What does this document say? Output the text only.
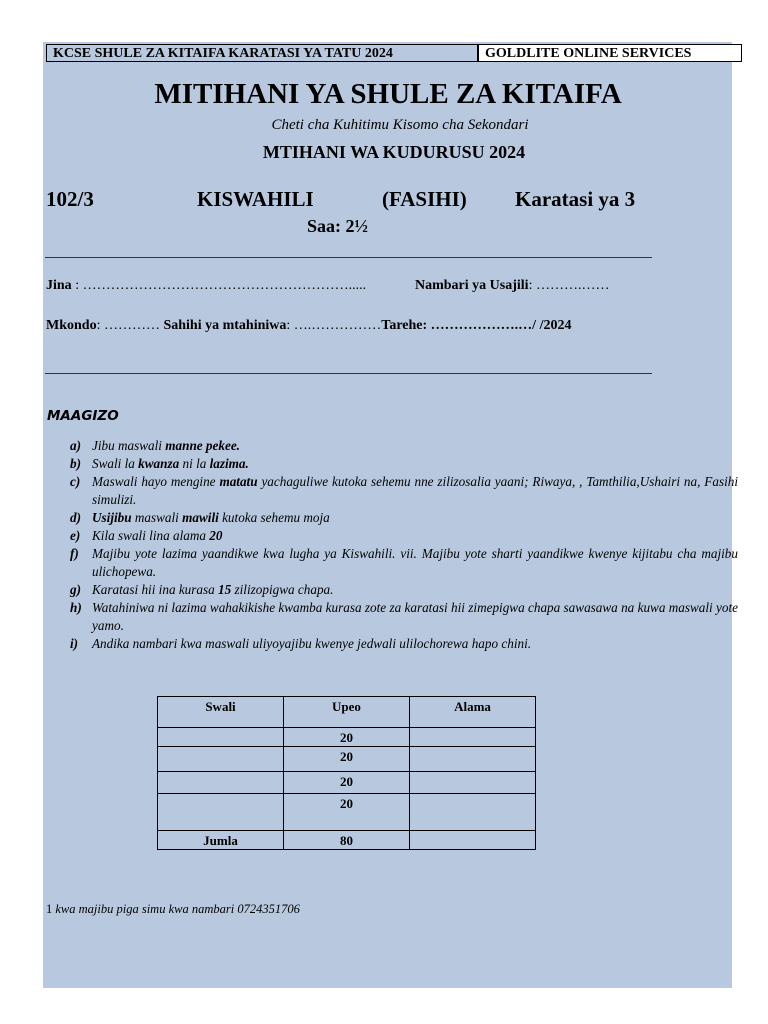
KCSE SHULE ZA KITAIFA KARATASI YA TATU 2024	GOLDLITE ONLINE SERVICES
MITIHANI YA SHULE ZA KITAIFA
Cheti cha Kuhitimu Kisomo cha Sekondari
MTIHANI WA KUDURUSU 2024
102/3	KISWAHILI	(FASIHI) Karatasi ya 3
Saa: 2½
Jina : ………………………………………………….....	Nambari ya Usajili: ……….……
Mkondo: ………… Sahihi ya mtahiniwa: ….……………Tarehe: ……………….…/ /2024
MAAGIZO
a) Jibu maswali manne pekee.
b) Swali la kwanza ni la lazima.
c) Maswali hayo mengine matatu yachaguliwe kutoka sehemu nne zilizosalia yaani; Riwaya, , Tamthilia,Ushairi na, Fasihi simulizi.
d) Usijibu maswali mawili kutoka sehemu moja
e) Kila swali lina alama 20
f) Majibu yote lazima yaandikwe kwa lugha ya Kiswahili. vii. Majibu yote sharti yaandikwe kwenye kijitabu cha majibu ulichopewa.
g) Karatasi hii ina kurasa 15 zilizopigwa chapa.
h) Watahiniwa ni lazima wahakikishe kwamba kurasa zote za karatasi hii zimepigwa chapa sawasawa na kuwa maswali yote yamo.
i) Andika nambari kwa maswali uliyoyajibu kwenye jedwali ulilochorewa hapo chini.
Swali	Upeo	Alama
	20	
	20	
	20	
	20	
Jumla	80	
1 kwa majibu piga simu kwa nambari 0724351706
